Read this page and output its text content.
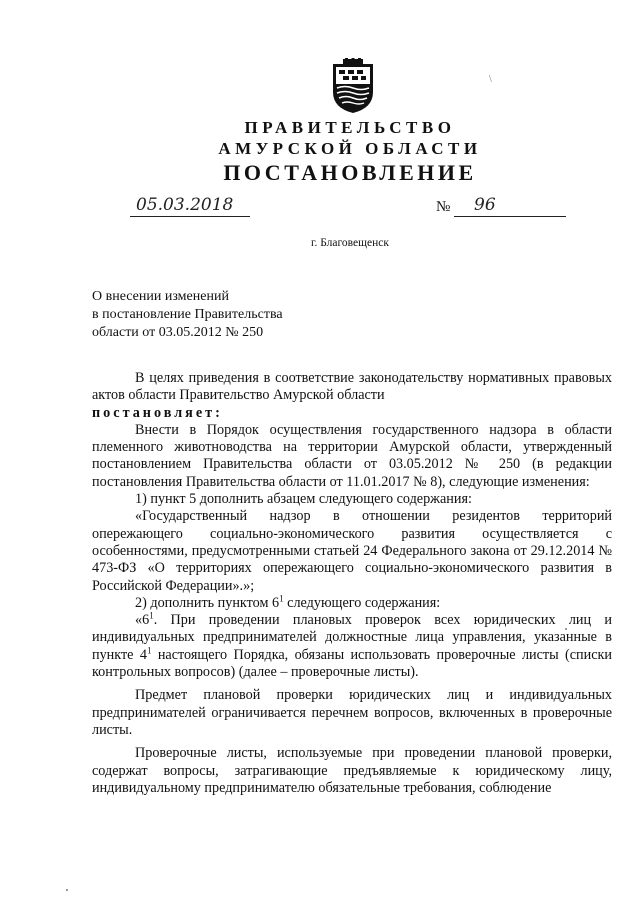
ПРАВИТЕЛЬСТВО
АМУРСКОЙ ОБЛАСТИ
ПОСТАНОВЛЕНИЕ
05.03.2018	№ 96
\
г. Благовещенск
О внесении изменений
в постановление Правительства
области от 03.05.2012 № 250

В целях приведения в соответствие законодательству нормативных правовых актов области Правительство Амурской области

постановляет:

Внести в Порядок осуществления государственного надзора в области племенного животноводства на территории Амурской области, утвержденный постановлением Правительства области от 03.05.2012 № 250 (в редакции постановления Правительства области от 11.01.2017 № 8), следующие изменения:

1) пункт 5 дополнить абзацем следующего содержания:

«Государственный надзор в отношении резидентов территорий опережающего социально-экономического развития осуществляется с особенностями, предусмотренными статьей 24 Федерального закона от 29.12.2014 № 473-ФЗ «О территориях опережающего социально-экономического развития в Российской Федерации».»;

2) дополнить пунктом $6^1$ следующего содержания:

«$6^1$. При проведении плановых проверок всех юридических лиц и индивидуальных предпринимателей должностные лица управления, указанные в пункте $4^1$ настоящего Порядка, обязаны использовать проверочные листы (списки контрольных вопросов) (далее – проверочные листы).

Предмет плановой проверки юридических лиц и индивидуальных предпринимателей ограничивается перечнем вопросов, включенных в проверочные листы.

Проверочные листы, используемые при проведении плановой проверки, содержат вопросы, затрагивающие предъявляемые к юридическому лицу, индивидуальному предпринимателю обязательные требования, соблюдение
